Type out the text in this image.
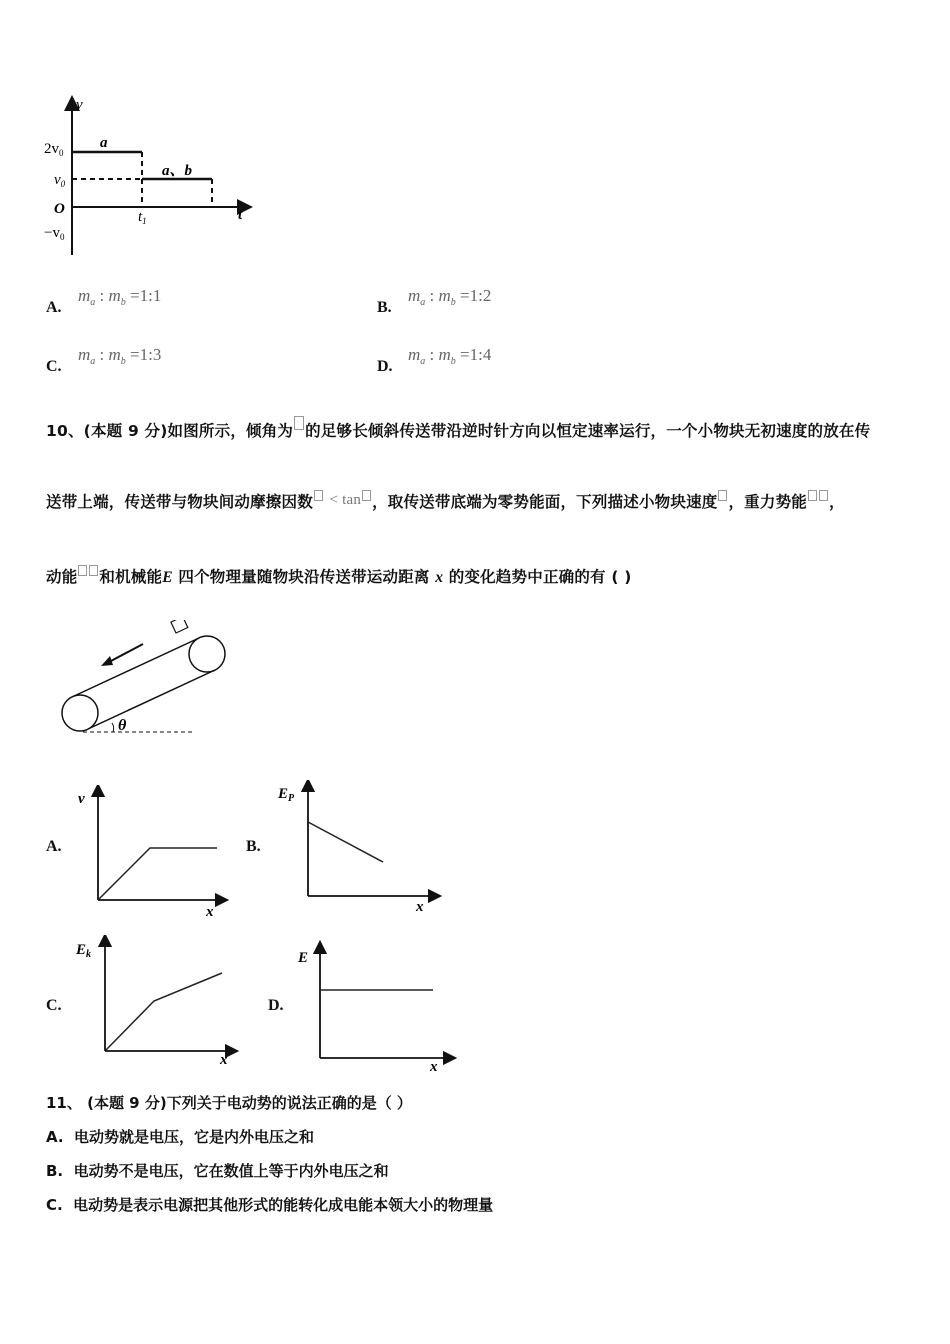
v
t
O
$2v_0$
$v_0$
$-v_0$
a
a、b
$t_1$
A.
$m_a$ : $m_b$ =1:1
B.
$m_a$ : $m_b$ =1:2
C.
$m_a$ : $m_b$ =1:3
D.
$m_a$ : $m_b$ =1:4
10、(本题 9 分)如图所示，倾角为 的足够长倾斜传送带沿逆时针方向以恒定速率运行，一个小物块无初速度的放在传
送带上端，传送带与物块间动摩擦因数 < tan ，取传送带底端为零势能面，下列描述小物块速度 ，重力势能 ，
动能 和机械能E 四个物理量随物块沿传送带运动距离 x 的变化趋势中正确的有 ( )
θ
A.
v
x
B.
$E_P$
x
C.
$E_k$
x
D.
E
x
11、 (本题 9 分)下列关于电动势的说法正确的是（ ）
A. 电动势就是电压，它是内外电压之和
B. 电动势不是电压，它在数值上等于内外电压之和
C. 电动势是表示电源把其他形式的能转化成电能本领大小的物理量
